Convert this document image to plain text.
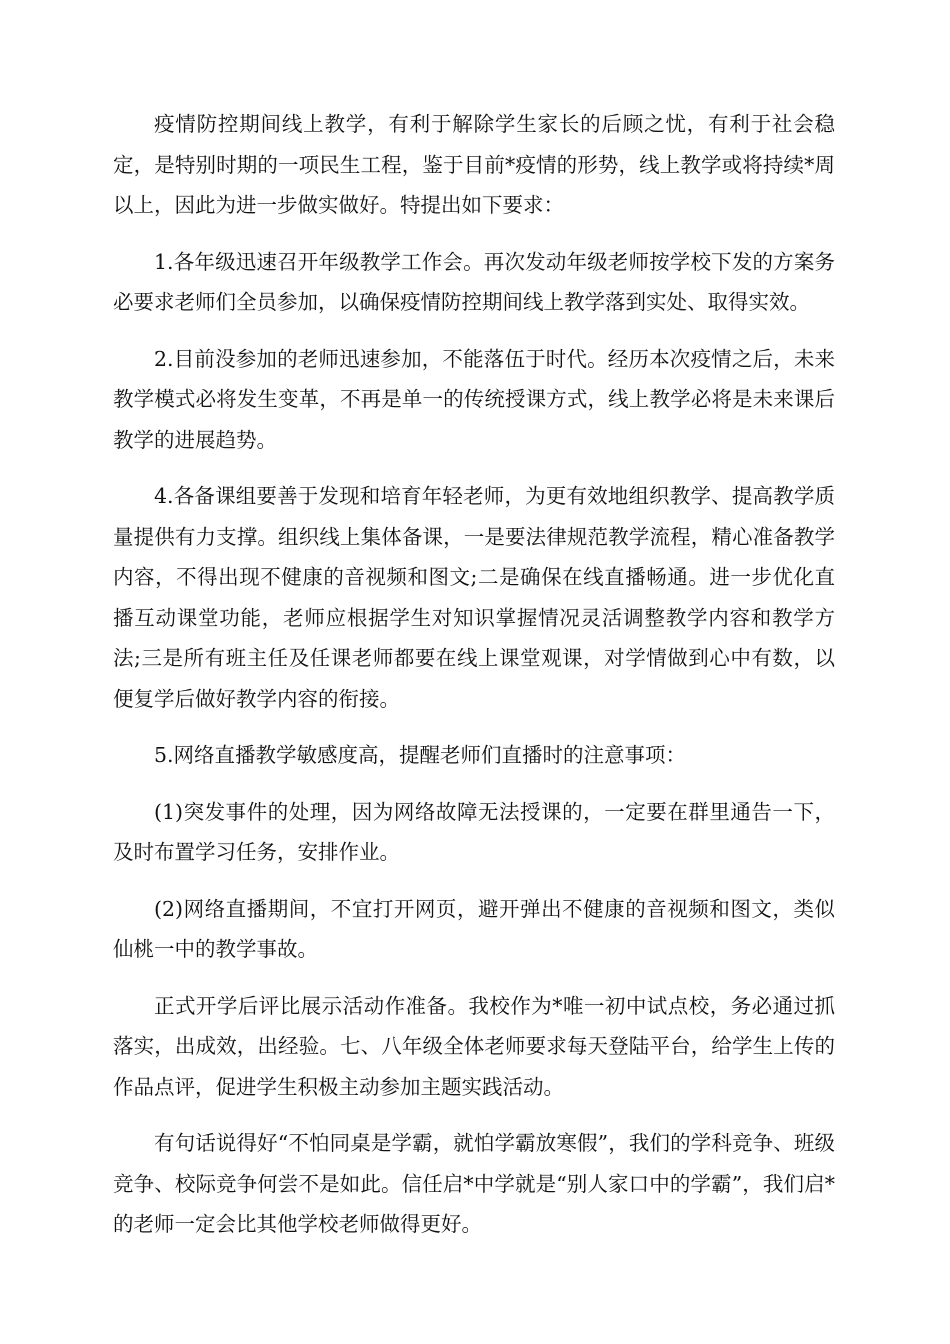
疫情防控期间线上教学，有利于解除学生家长的后顾之忧，有利于社会稳定，是特别时期的一项民生工程，鉴于目前*疫情的形势，线上教学或将持续*周以上，因此为进一步做实做好。特提出如下要求：

1.各年级迅速召开年级教学工作会。再次发动年级老师按学校下发的方案务必要求老师们全员参加，以确保疫情防控期间线上教学落到实处、取得实效。

2.目前没参加的老师迅速参加，不能落伍于时代。经历本次疫情之后，未来教学模式必将发生变革，不再是单一的传统授课方式，线上教学必将是未来课后教学的进展趋势。

4.各备课组要善于发现和培育年轻老师，为更有效地组织教学、提高教学质量提供有力支撑。组织线上集体备课，一是要法律规范教学流程，精心准备教学内容，不得出现不健康的音视频和图文;二是确保在线直播畅通。进一步优化直播互动课堂功能，老师应根据学生对知识掌握情况灵活调整教学内容和教学方法;三是所有班主任及任课老师都要在线上课堂观课，对学情做到心中有数，以便复学后做好教学内容的衔接。

5.网络直播教学敏感度高，提醒老师们直播时的注意事项：

(1)突发事件的处理，因为网络故障无法授课的，一定要在群里通告一下，及时布置学习任务，安排作业。

(2)网络直播期间，不宜打开网页，避开弹出不健康的音视频和图文，类似仙桃一中的教学事故。

正式开学后评比展示活动作准备。我校作为*唯一初中试点校，务必通过抓落实，出成效，出经验。七、八年级全体老师要求每天登陆平台，给学生上传的作品点评，促进学生积极主动参加主题实践活动。

有句话说得好“不怕同桌是学霸，就怕学霸放寒假”，我们的学科竞争、班级竞争、校际竞争何尝不是如此。信任启*中学就是“别人家口中的学霸”，我们启*的老师一定会比其他学校老师做得更好。
